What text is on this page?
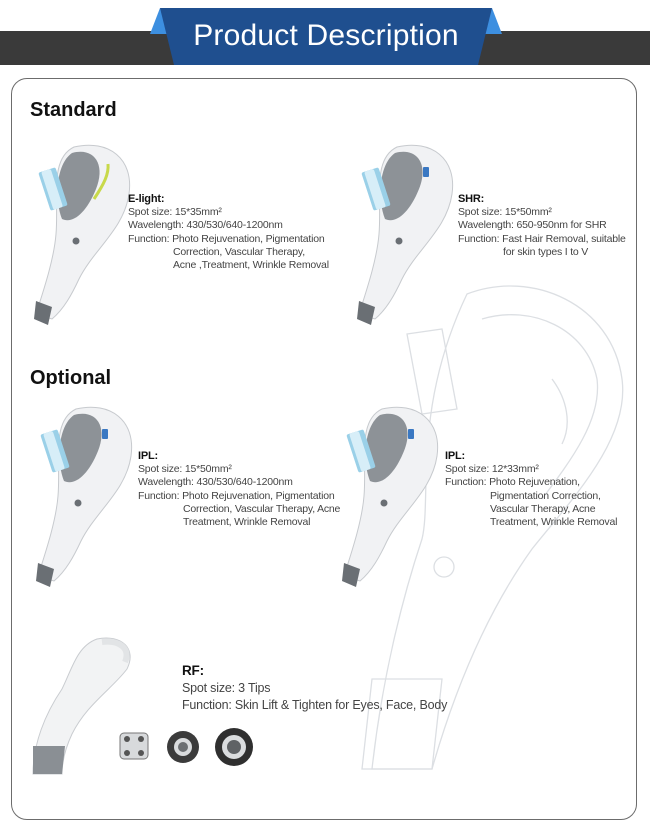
Product Description
Standard
Optional
E-light:
Spot size: 15*35mm²
Wavelength: 430/530/640-1200nm
Function: Photo Rejuvenation, Pigmentation
Correction, Vascular Therapy,
Acne ,Treatment, Wrinkle Removal
SHR:
Spot size: 15*50mm²
Wavelength: 650-950nm for SHR
Function: Fast Hair Removal, suitable
for skin types I to V
IPL:
Spot size: 15*50mm²
Wavelength: 430/530/640-1200nm
Function: Photo Rejuvenation, Pigmentation
Correction, Vascular Therapy, Acne
Treatment, Wrinkle Removal
IPL:
Spot size: 12*33mm²
Function: Photo Rejuvenation,
Pigmentation Correction,
Vascular Therapy, Acne
Treatment, Wrinkle Removal
RF:
Spot size: 3 Tips
Function: Skin Lift & Tighten for Eyes, Face, Body
